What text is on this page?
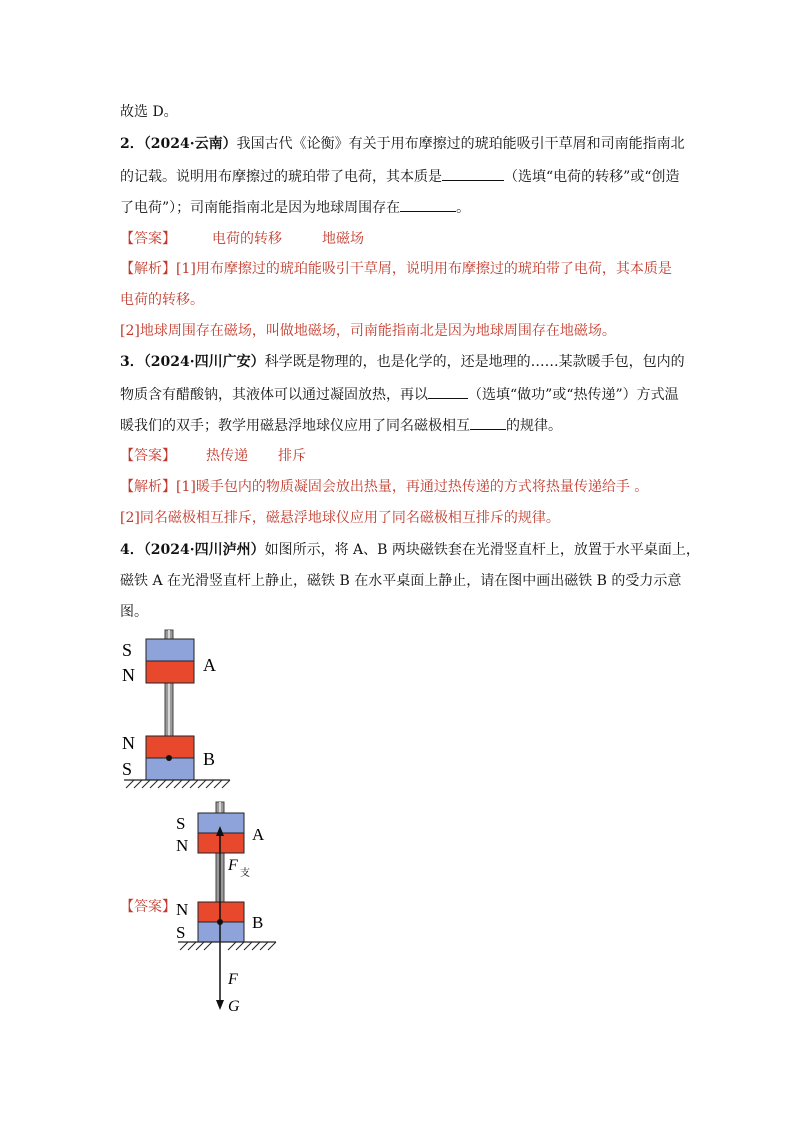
故选 D。
2．（2024·云南）我国古代《论衡》有关于用布摩擦过的琥珀能吸引干草屑和司南能指南北
的记载。说明用布摩擦过的琥珀带了电荷，其本质是	（选填“电荷的转移”或“创造
了电荷”）；司南能指南北是因为地球周围存在	。
【答案】	电荷的转移	地磁场
【解析】[1]用布摩擦过的琥珀能吸引干草屑，说明用布摩擦过的琥珀带了电荷，其本质是
电荷的转移。
[2]地球周围存在磁场，叫做地磁场，司南能指南北是因为地球周围存在地磁场。
3．（2024·四川广安）科学既是物理的，也是化学的，还是地理的……某款暖手包，包内的
物质含有醋酸钠，其液体可以通过凝固放热，再以	（选填“做功”或“热传递”）方式温
暖我们的双手；教学用磁悬浮地球仪应用了同名磁极相互	的规律。
【答案】 热传递 排斥
【解析】[1]暖手包内的物质凝固会放出热量，再通过热传递的方式将热量传递给手 。
[2]同名磁极相互排斥，磁悬浮地球仪应用了同名磁极相互排斥的规律。
4．（2024·四川泸州）如图所示，将 A、B 两块磁铁套在光滑竖直杆上，放置于水平桌面上，
磁铁 A 在光滑竖直杆上静止，磁铁 B 在水平桌面上静止，请在图中画出磁铁 B 的受力示意
图。
S
N	A
N
S	B
【答案】
S
N
A
F 支
N
S
B
F
G
